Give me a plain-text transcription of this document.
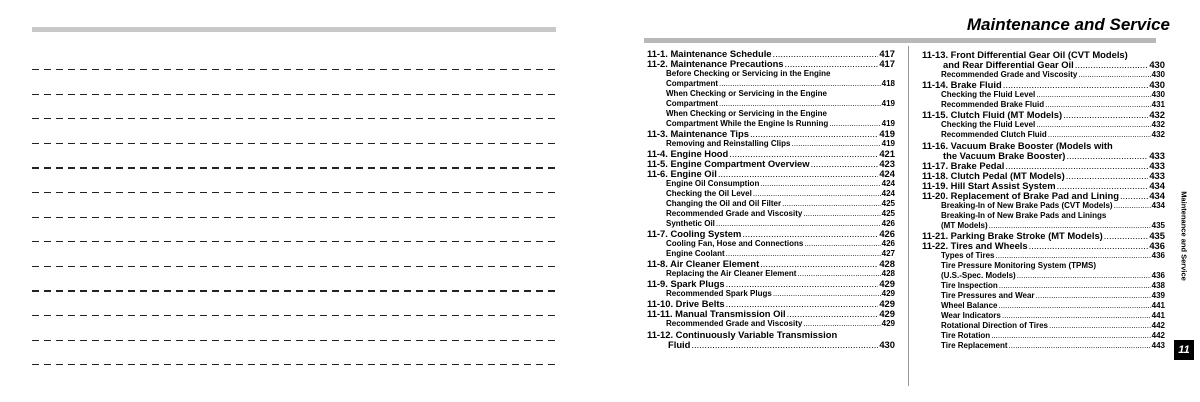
Maintenance and Service
11-1. Maintenance Schedule .....	417
11-2. Maintenance Precautions .....	417
Before Checking or Servicing in the Engine
Compartment .....	418
When Checking or Servicing in the Engine
Compartment .....	419
When Checking or Servicing in the Engine
Compartment While the Engine Is Running .....	419
11-3. Maintenance Tips .....	419
Removing and Reinstalling Clips .....	419
11-4. Engine Hood .....	421
11-5. Engine Compartment Overview .....	423
11-6. Engine Oil .....	424
Engine Oil Consumption .....	424
Checking the Oil Level .....	424
Changing the Oil and Oil Filter .....	425
Recommended Grade and Viscosity .....	425
Synthetic Oil .....	426
11-7. Cooling System .....	426
Cooling Fan, Hose and Connections .....	426
Engine Coolant .....	427
11-8. Air Cleaner Element .....	428
Replacing the Air Cleaner Element .....	428
11-9. Spark Plugs .....	429
Recommended Spark Plugs .....	429
11-10. Drive Belts .....	429
11-11. Manual Transmission Oil .....	429
Recommended Grade and Viscosity .....	429
11-12. Continuously Variable Transmission
Fluid .....	430
11-13. Front Differential Gear Oil (CVT Models)
and Rear Differential Gear Oil .....	430
Recommended Grade and Viscosity .....	430
11-14. Brake Fluid .....	430
Checking the Fluid Level .....	430
Recommended Brake Fluid .....	431
11-15. Clutch Fluid (MT Models) .....	432
Checking the Fluid Level .....	432
Recommended Clutch Fluid .....	432
11-16. Vacuum Brake Booster (Models with
the Vacuum Brake Booster) .....	433
11-17. Brake Pedal .....	433
11-18. Clutch Pedal (MT Models) .....	433
11-19. Hill Start Assist System .....	434
11-20. Replacement of Brake Pad and Lining .....	434
Breaking-In of New Brake Pads (CVT Models) .....	434
Breaking-In of New Brake Pads and Linings
(MT Models) .....	435
11-21. Parking Brake Stroke (MT Models) .....	435
11-22. Tires and Wheels .....	436
Types of Tires .....	436
Tire Pressure Monitoring System (TPMS)
(U.S.-Spec. Models) .....	436
Tire Inspection .....	438
Tire Pressures and Wear .....	439
Wheel Balance .....	441
Wear Indicators .....	441
Rotational Direction of Tires .....	442
Tire Rotation .....	442
Tire Replacement .....	443
Maintenance and Service
11
